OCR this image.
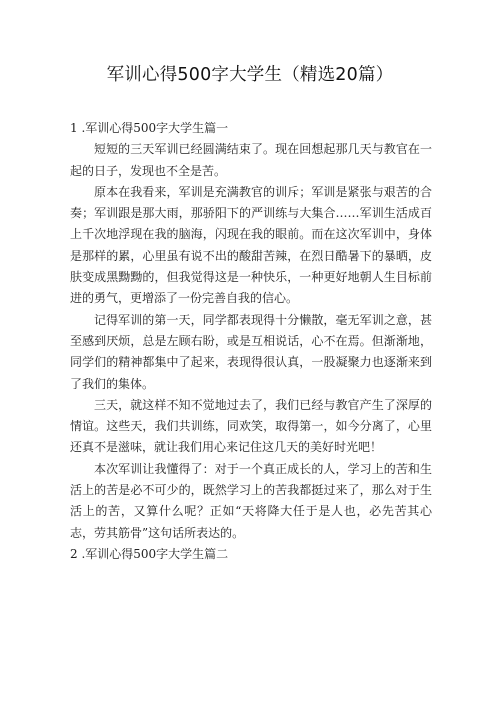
军训心得500字大学生（精选20篇）

1 .军训心得500字大学生篇一

短短的三天军训已经圆满结束了。现在回想起那几天与教官在一起的日子，发现也不全是苦。

原本在我看来，军训是充满教官的训斥；军训是紧张与艰苦的合奏；军训跟是那大雨，那骄阳下的严训练与大集合……军训生活成百上千次地浮现在我的脑海，闪现在我的眼前。而在这次军训中，身体是那样的累，心里虽有说不出的酸甜苦辣，在烈日酷暑下的暴晒，皮肤变成黑黝黝的，但我觉得这是一种快乐，一种更好地朝人生目标前进的勇气，更增添了一份完善自我的信心。

记得军训的第一天，同学都表现得十分懒散，毫无军训之意，甚至感到厌烦，总是左顾右盼，或是互相说话，心不在焉。但渐渐地，同学们的精神都集中了起来，表现得很认真，一股凝聚力也逐渐来到了我们的集体。

三天，就这样不知不觉地过去了，我们已经与教官产生了深厚的情谊。这些天，我们共训练，同欢笑，取得第一，如今分离了，心里还真不是滋味，就让我们用心来记住这几天的美好时光吧！

本次军训让我懂得了：对于一个真正成长的人，学习上的苦和生活上的苦是必不可少的，既然学习上的苦我都挺过来了，那么对于生活上的苦，又算什么呢？正如“天将降大任于是人也，必先苦其心志，劳其筋骨”这句话所表达的。

2 .军训心得500字大学生篇二
